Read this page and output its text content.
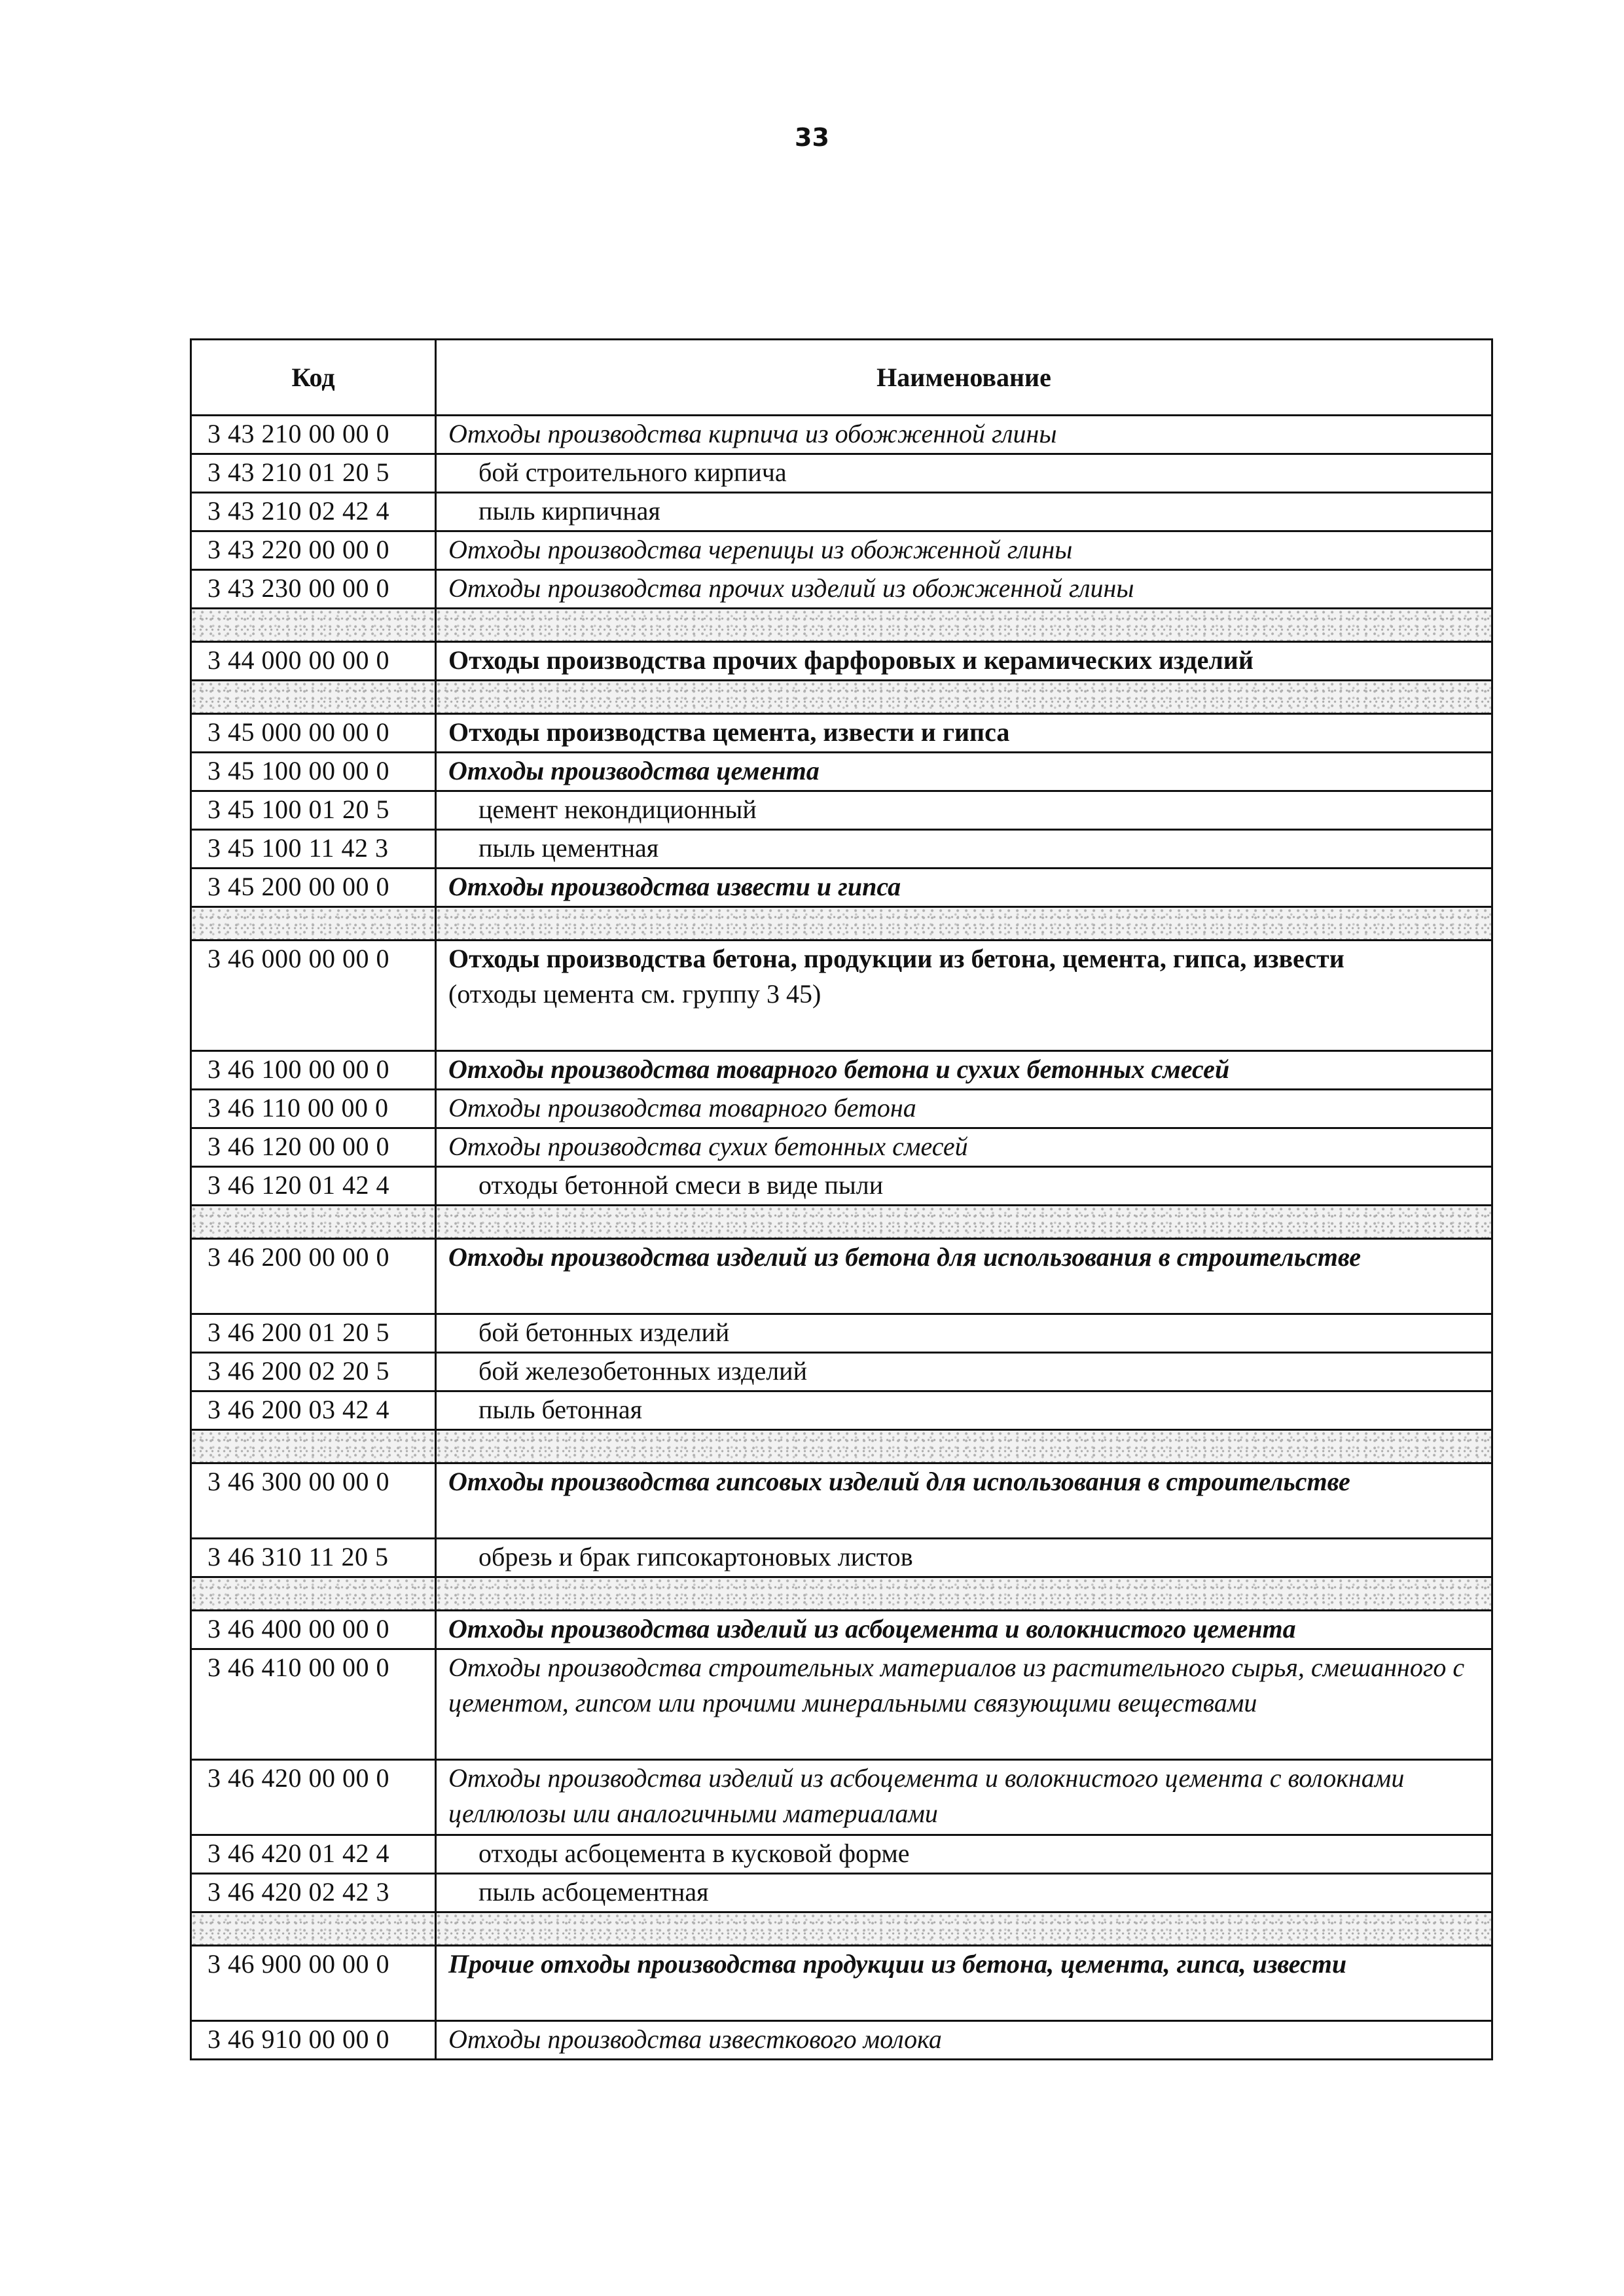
33
Код	Наименование
3 43 210 00 00 0	Отходы производства кирпича из обожженной глины
3 43 210 01 20 5	бой строительного кирпича
3 43 210 02 42 4	пыль кирпичная
3 43 220 00 00 0	Отходы производства черепицы из обожженной глины
3 43 230 00 00 0	Отходы производства прочих изделий из обожженной глины

3 44 000 00 00 0	Отходы производства прочих фарфоровых и керамических изделий

3 45 000 00 00 0	Отходы производства цемента, извести и гипса
3 45 100 00 00 0	Отходы производства цемента
3 45 100 01 20 5	цемент некондиционный
3 45 100 11 42 3	пыль цементная
3 45 200 00 00 0	Отходы производства извести и гипса

3 46 000 00 00 0	Отходы производства бетона, продукции из бетона, цемента, гипса, извести
(отходы цемента см. группу 3 45)

3 46 100 00 00 0	Отходы производства товарного бетона и сухих бетонных смесей
3 46 110 00 00 0	Отходы производства товарного бетона
3 46 120 00 00 0	Отходы производства сухих бетонных смесей
3 46 120 01 42 4	отходы бетонной смеси в виде пыли

3 46 200 00 00 0	Отходы производства изделий из бетона для использования в строительстве
3 46 200 01 20 5	бой бетонных изделий
3 46 200 02 20 5	бой железобетонных изделий
3 46 200 03 42 4	пыль бетонная

3 46 300 00 00 0	Отходы производства гипсовых изделий для использования в строительстве
3 46 310 11 20 5	обрезь и брак гипсокартоновых листов

3 46 400 00 00 0	Отходы производства изделий из асбоцемента и волокнистого цемента
3 46 410 00 00 0	Отходы производства строительных материалов из растительного сырья, смешанного с цементом, гипсом или прочими минеральными связующими веществами
3 46 420 00 00 0	Отходы производства изделий из асбоцемента и волокнистого цемента с волокнами целлюлозы или аналогичными материалами
3 46 420 01 42 4	отходы асбоцемента в кусковой форме
3 46 420 02 42 3	пыль асбоцементная

3 46 900 00 00 0	Прочие отходы производства продукции из бетона, цемента, гипса, извести
3 46 910 00 00 0	Отходы производства известкового молока
